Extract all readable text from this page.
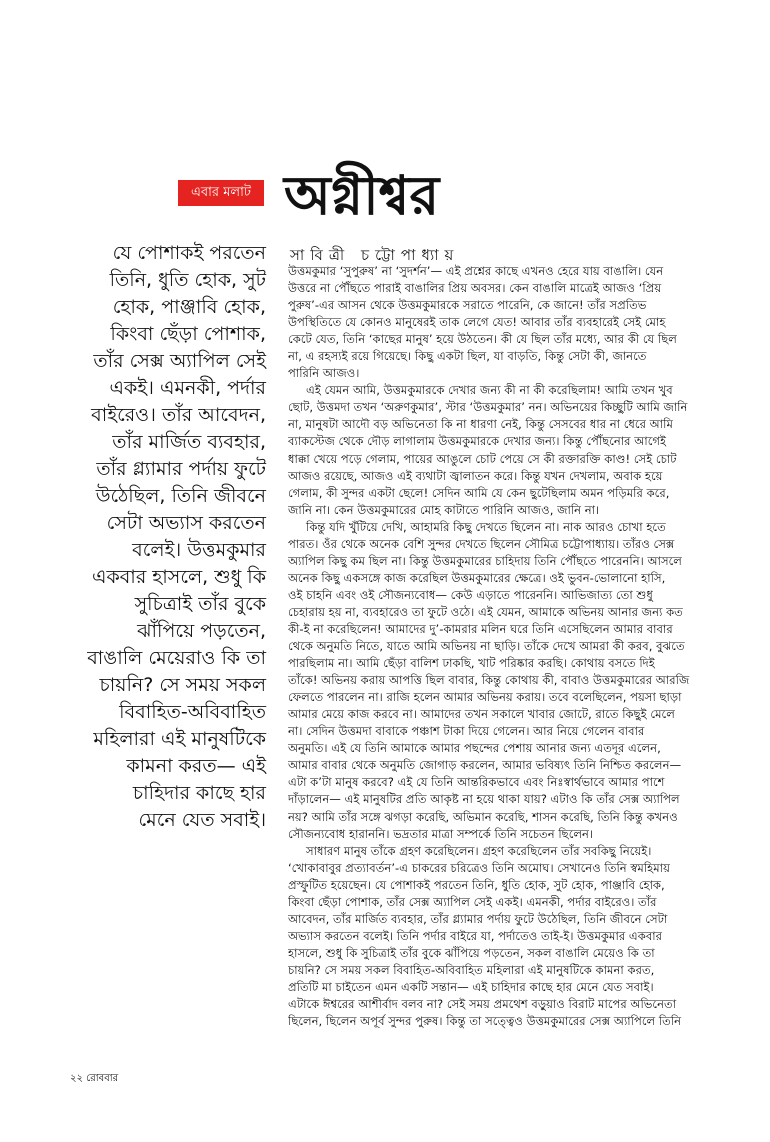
এবার মলাট অগ্নীশ্বর
সাবিত্রী চট্টোপাধ্যায়
যে পোশাকই পরতেন
তিনি, ধুতি হোক, সুট
হোক, পাঞ্জাবি হোক,
কিংবা ছেঁড়া পোশাক,
তাঁর সেক্স অ্যাপিল সেই
একই। এমনকী, পর্দার
বাইরেও। তাঁর আবেদন,
তাঁর মার্জিত ব্যবহার,
তাঁর গ্ল্যামার পর্দায় ফুটে
উঠেছিল, তিনি জীবনে
সেটা অভ্যাস করতেন
বলেই। উত্তমকুমার
একবার হাসলে, শুধু কি
সুচিত্রাই তাঁর বুকে
ঝাঁপিয়ে পড়তেন,
বাঙালি মেয়েরাও কি তা
চায়নি? সে সময় সকল
বিবাহিত-অবিবাহিত
মহিলারা এই মানুষটিকে
কামনা করত— এই
চাহিদার কাছে হার
মেনে যেত সবাই।
উত্তমকুমার ‘সুপুরুষ’ না ‘সুদর্শন’— এই প্রশ্নের কাছে এখনও হেরে যায় বাঙালি। যেন
উত্তরে না পৌঁছতে পারাই বাঙালির প্রিয় অবসর। কেন বাঙালি মাত্রেই আজও ‘প্রিয়
পুরুষ’-এর আসন থেকে উত্তমকুমারকে সরাতে পারেনি, কে জানে! তাঁর সপ্রতিভ
উপস্থিতিতে যে কোনও মানুষেরই তাক লেগে যেত! আবার তাঁর ব্যবহারেই সেই মোহ
কেটে যেত, তিনি ‘কাছের মানুষ’ হয়ে উঠতেন। কী যে ছিল তাঁর মধ্যে, আর কী যে ছিল
না, এ রহস্যই রয়ে গিয়েছে। কিছু একটা ছিল, যা বাড়তি, কিন্তু সেটা কী, জানতে
পারিনি আজও।
এই যেমন আমি, উত্তমকুমারকে দেখার জন্য কী না কী করেছিলাম! আমি তখন খুব
ছোট, উত্তমদা তখন ‘অরুণকুমার’, স্টার ‘উত্তমকুমার’ নন। অভিনয়ের কিচ্ছুটি আমি জানি
না, মানুষটা আদৌ বড় অভিনেতা কি না ধারণা নেই, কিন্তু সেসবের ধার না ধেরে আমি
ব্যাকস্টেজ থেকে দৌড় লাগালাম উত্তমকুমারকে দেখার জন্য। কিন্তু পৌঁছনোর আগেই
ধাক্কা খেয়ে পড়ে গেলাম, পায়ের আঙুলে চোট পেয়ে সে কী রক্তারক্তি কাণ্ড! সেই চোট
আজও রয়েছে, আজও এই ব্যথাটা জ্বালাতন করে। কিন্তু যখন দেখলাম, অবাক হয়ে
গেলাম, কী সুন্দর একটা ছেলে! সেদিন আমি যে কেন ছুটেছিলাম অমন পড়িমরি করে,
জানি না। কেন উত্তমকুমারের মোহ কাটাতে পারিনি আজও, জানি না।
কিন্তু যদি খুঁটিয়ে দেখি, আহামরি কিছু দেখতে ছিলেন না। নাক আরও চোখা হতে
পারত। ওঁর থেকে অনেক বেশি সুন্দর দেখতে ছিলেন সৌমিত্র চট্টোপাধ্যায়। তাঁরও সেক্স
অ্যাপিল কিছু কম ছিল না। কিন্তু উত্তমকুমারের চাহিদায় তিনি পৌঁছতে পারেননি। আসলে
অনেক কিছু একসঙ্গে কাজ করেছিল উত্তমকুমারের ক্ষেত্রে। ওই ভুবন-ভোলানো হাসি,
ওই চাহনি এবং ওই সৌজন্যবোধ— কেউ এড়াতে পারেননি। আভিজাত্য তো শুধু
চেহারায় হয় না, ব্যবহারেও তা ফুটে ওঠে। এই যেমন, আমাকে অভিনয় আনার জন্য কত
কী-ই না করেছিলেন! আমাদের দু’-কামরার মলিন ঘরে তিনি এসেছিলেন আমার বাবার
থেকে অনুমতি নিতে, যাতে আমি অভিনয় না ছাড়ি। তাঁকে দেখে আমরা কী করব, বুঝতে
পারছিলাম না। আমি ছেঁড়া বালিশ ঢাকছি, খাট পরিষ্কার করছি। কোথায় বসতে দিই
তাঁকে! অভিনয় করায় আপত্তি ছিল বাবার, কিন্তু কোথায় কী, বাবাও উত্তমকুমারের আরজি
ফেলতে পারলেন না। রাজি হলেন আমার অভিনয় করায়। তবে বলেছিলেন, পয়সা ছাড়া
আমার মেয়ে কাজ করবে না। আমাদের তখন সকালে খাবার জোটে, রাতে কিছুই মেলে
না। সেদিন উত্তমদা বাবাকে পঞ্চাশ টাকা দিয়ে গেলেন। আর নিয়ে গেলেন বাবার
অনুমতি। এই যে তিনি আমাকে আমার পছন্দের পেশায় আনার জন্য এতদূর এলেন,
আমার বাবার থেকে অনুমতি জোগাড় করলেন, আমার ভবিষ্যৎ তিনি নিশ্চিত করলেন—
এটা ক’টা মানুষ করবে? এই যে তিনি আন্তরিকভাবে এবং নিঃস্বার্থভাবে আমার পাশে
দাঁড়ালেন— এই মানুষটির প্রতি আকৃষ্ট না হয়ে থাকা যায়? এটাও কি তাঁর সেক্স অ্যাপিল
নয়? আমি তাঁর সঙ্গে ঝগড়া করেছি, অভিমান করেছি, শাসন করেছি, তিনি কিন্তু কখনও
সৌজন্যবোধ হারাননি। ভদ্রতার মাত্রা সম্পর্কে তিনি সচেতন ছিলেন।
সাধারণ মানুষ তাঁকে গ্রহণ করেছিলেন। গ্রহণ করেছিলেন তাঁর সবকিছু নিয়েই।
‘খোকাবাবুর প্রত্যাবর্তন’-এ চাকরের চরিত্রেও তিনি অমোঘ। সেখানেও তিনি স্বমহিমায়
প্রস্ফুটিত হয়েছেন। যে পোশাকই পরতেন তিনি, ধুতি হোক, সুট হোক, পাঞ্জাবি হোক,
কিংবা ছেঁড়া পোশাক, তাঁর সেক্স অ্যাপিল সেই একই। এমনকী, পর্দার বাইরেও। তাঁর
আবেদন, তাঁর মার্জিত ব্যবহার, তাঁর গ্ল্যামার পর্দায় ফুটে উঠেছিল, তিনি জীবনে সেটা
অভ্যাস করতেন বলেই। তিনি পর্দার বাইরে যা, পর্দাতেও তাই-ই। উত্তমকুমার একবার
হাসলে, শুধু কি সুচিত্রাই তাঁর বুকে ঝাঁপিয়ে পড়তেন, সকল বাঙালি মেয়েও কি তা
চায়নি? সে সময় সকল বিবাহিত-অবিবাহিত মহিলারা এই মানুষটিকে কামনা করত,
প্রতিটি মা চাইতেন এমন একটি সন্তান— এই চাহিদার কাছে হার মেনে যেত সবাই।
এটাকে ঈশ্বরের আশীর্বাদ বলব না? সেই সময় প্রমথেশ বড়ুয়াও বিরাট মাপের অভিনেতা
ছিলেন, ছিলেন অপূর্ব সুন্দর পুরুষ। কিন্তু তা সত্ত্বেও উত্তমকুমারের সেক্স অ্যাপিলে তিনি
২২ রোববার
